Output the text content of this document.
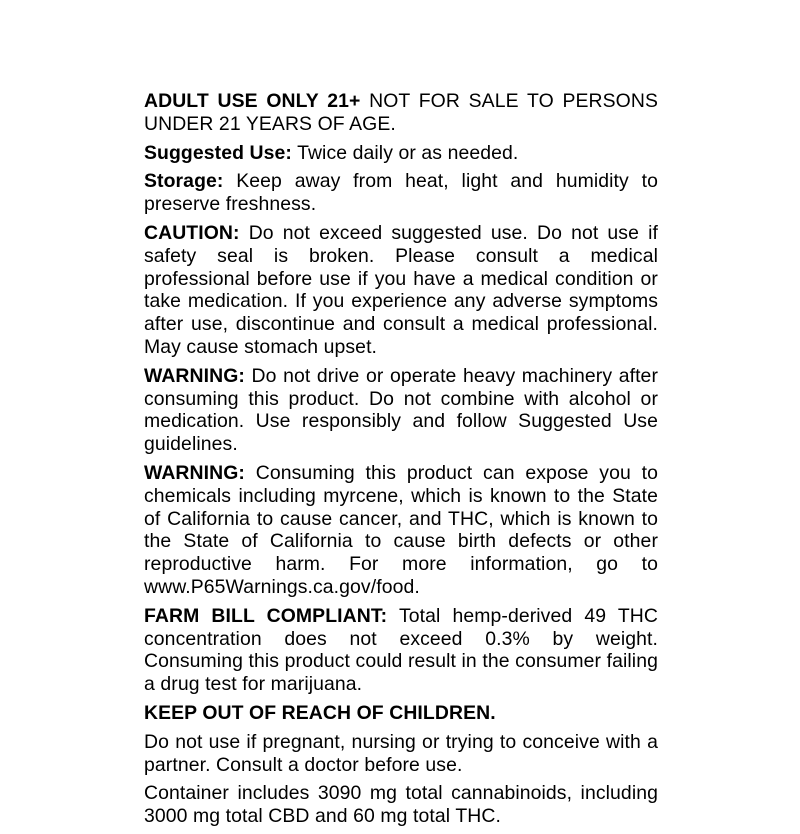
ADULT USE ONLY 21+ NOT FOR SALE TO PERSONS UNDER 21 YEARS OF AGE.

Suggested Use: Twice daily or as needed.

Storage: Keep away from heat, light and humidity to preserve freshness.

CAUTION: Do not exceed suggested use. Do not use if safety seal is broken. Please consult a medical professional before use if you have a medical condition or take medication. If you experience any adverse symptoms after use, discontinue and consult a medical professional. May cause stomach upset.

WARNING: Do not drive or operate heavy machinery after consuming this product. Do not combine with alcohol or medication. Use responsibly and follow Suggested Use guidelines.

WARNING: Consuming this product can expose you to chemicals including myrcene, which is known to the State of California to cause cancer, and THC, which is known to the State of California to cause birth defects or other reproductive harm. For more information, go to www.P65Warnings.ca.gov/food.

FARM BILL COMPLIANT: Total hemp-derived 49 THC concentration does not exceed 0.3% by weight. Consuming this product could result in the consumer failing a drug test for marijuana.

KEEP OUT OF REACH OF CHILDREN.

Do not use if pregnant, nursing or trying to conceive with a partner. Consult a doctor before use.

Container includes 3090 mg total cannabinoids, including 3000 mg total CBD and 60 mg total THC.
